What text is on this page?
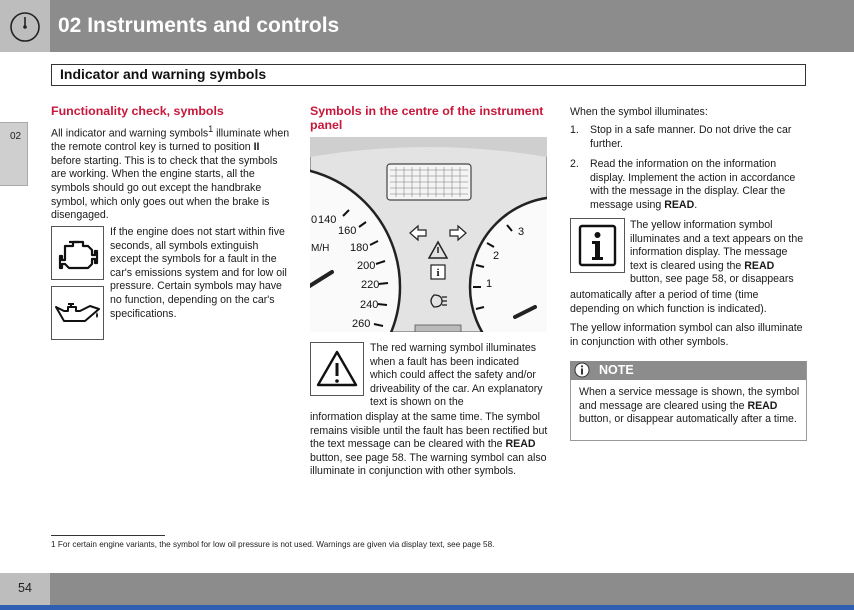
02 Instruments and controls
Indicator and warning symbols
02
Functionality check, symbols
All indicator and warning symbols$^1$ illuminate when the remote control key is turned to position II before starting. This is to check that the symbols are working. When the engine starts, all the symbols should go out except the handbrake symbol, which only goes out when the brake is disengaged.
If the engine does not start within five seconds, all symbols extinguish except the symbols for a fault in the car's emissions system and for low oil pressure. Certain symbols may have no function, depending on the car's specifications.
Symbols in the centre of the instrument panel
0 140
160
180
200
220
240
260
M/H
3
2
1
i
The red warning symbol illuminates when a fault has been indicated which could affect the safety and/or driveability of the car. An explanatory text is shown on the
information display at the same time. The symbol remains visible until the fault has been rectified but the text message can be cleared with the READ button, see page 58. The warning symbol can also illuminate in conjunction with other symbols.
When the symbol illuminates:
1. Stop in a safe manner. Do not drive the car further.
2. Read the information on the information display. Implement the action in accordance with the message in the display. Clear the message using READ.
The yellow information symbol illuminates and a text appears on the information display. The message text is cleared using the READ button, see page 58, or disappears
automatically after a period of time (time depending on which function is indicated).
The yellow information symbol can also illuminate in conjunction with other symbols.
NOTE
When a service message is shown, the symbol and message are cleared using the READ button, or disappear automatically after a time.
1 For certain engine variants, the symbol for low oil pressure is not used. Warnings are given via display text, see page 58.
54
